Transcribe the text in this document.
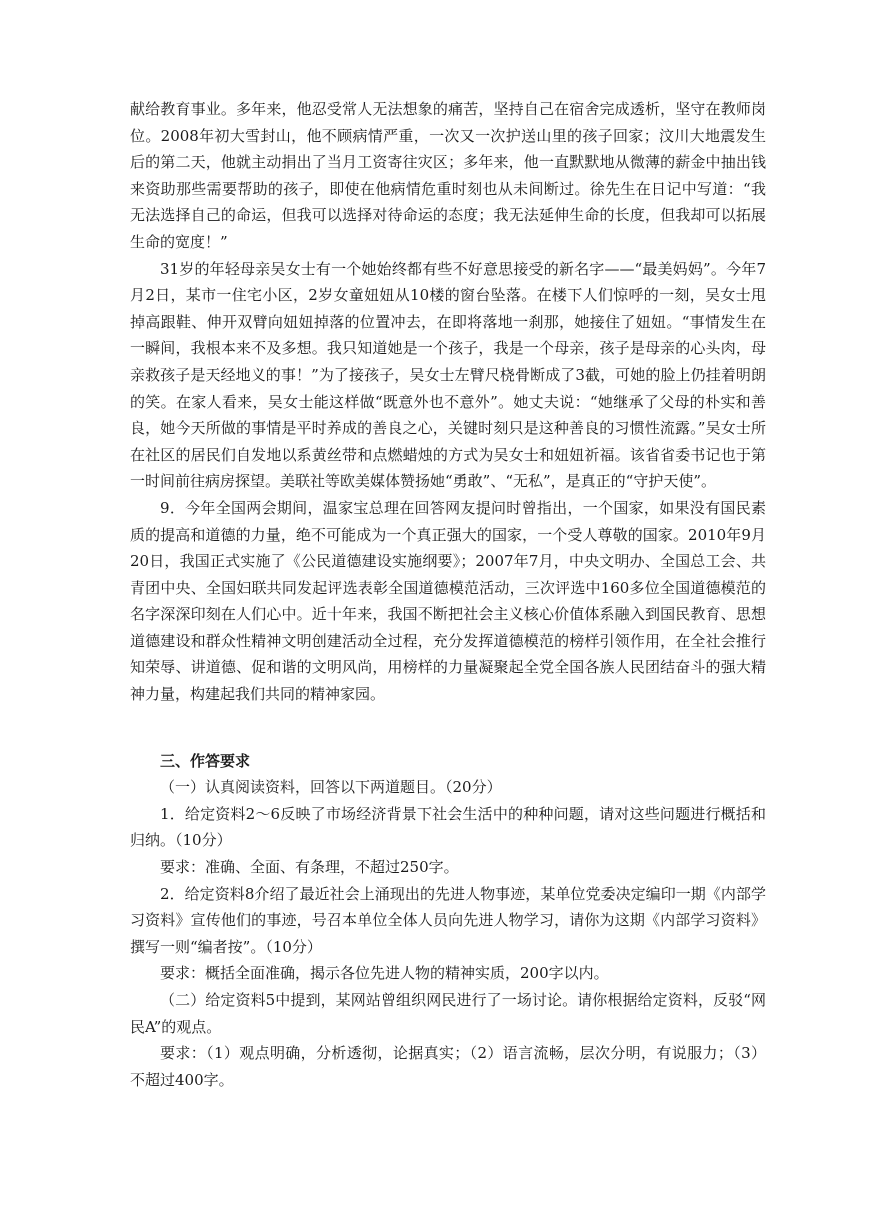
献给教育事业。多年来，他忍受常人无法想象的痛苦，坚持自己在宿舍完成透析，坚守在教师岗位。2008年初大雪封山，他不顾病情严重，一次又一次护送山里的孩子回家；汶川大地震发生后的第二天，他就主动捐出了当月工资寄往灾区；多年来，他一直默默地从微薄的薪金中抽出钱来资助那些需要帮助的孩子，即使在他病情危重时刻也从未间断过。徐先生在日记中写道：“我无法选择自己的命运，但我可以选择对待命运的态度；我无法延伸生命的长度，但我却可以拓展生命的宽度！”

31岁的年轻母亲吴女士有一个她始终都有些不好意思接受的新名字——“最美妈妈”。今年7月2日，某市一住宅小区，2岁女童妞妞从10楼的窗台坠落。在楼下人们惊呼的一刻，吴女士甩掉高跟鞋、伸开双臂向妞妞掉落的位置冲去，在即将落地一刹那，她接住了妞妞。“事情发生在一瞬间，我根本来不及多想。我只知道她是一个孩子，我是一个母亲，孩子是母亲的心头肉，母亲救孩子是天经地义的事！”为了接孩子，吴女士左臂尺桡骨断成了3截，可她的脸上仍挂着明朗的笑。在家人看来，吴女士能这样做“既意外也不意外”。她丈夫说：“她继承了父母的朴实和善良，她今天所做的事情是平时养成的善良之心，关键时刻只是这种善良的习惯性流露。”吴女士所在社区的居民们自发地以系黄丝带和点燃蜡烛的方式为吴女士和妞妞祈福。该省省委书记也于第一时间前往病房探望。美联社等欧美媒体赞扬她“勇敢”、“无私”，是真正的“守护天使”。

9．今年全国两会期间，温家宝总理在回答网友提问时曾指出，一个国家，如果没有国民素质的提高和道德的力量，绝不可能成为一个真正强大的国家，一个受人尊敬的国家。2010年9月20日，我国正式实施了《公民道德建设实施纲要》；2007年7月，中央文明办、全国总工会、共青团中央、全国妇联共同发起评选表彰全国道德模范活动，三次评选中160多位全国道德模范的名字深深印刻在人们心中。近十年来，我国不断把社会主义核心价值体系融入到国民教育、思想道德建设和群众性精神文明创建活动全过程，充分发挥道德模范的榜样引领作用，在全社会推行知荣辱、讲道德、促和谐的文明风尚，用榜样的力量凝聚起全党全国各族人民团结奋斗的强大精神力量，构建起我们共同的精神家园。

三、作答要求

（一）认真阅读资料，回答以下两道题目。（20分）

1．给定资料2～6反映了市场经济背景下社会生活中的种种问题，请对这些问题进行概括和归纳。（10分）

要求：准确、全面、有条理，不超过250字。

2．给定资料8介绍了最近社会上涌现出的先进人物事迹，某单位党委决定编印一期《内部学习资料》宣传他们的事迹，号召本单位全体人员向先进人物学习，请你为这期《内部学习资料》撰写一则“编者按”。（10分）

要求：概括全面准确，揭示各位先进人物的精神实质，200字以内。

（二）给定资料5中提到，某网站曾组织网民进行了一场讨论。请你根据给定资料，反驳“网民A”的观点。

要求：（1）观点明确，分析透彻，论据真实；（2）语言流畅，层次分明，有说服力；（3）不超过400字。
